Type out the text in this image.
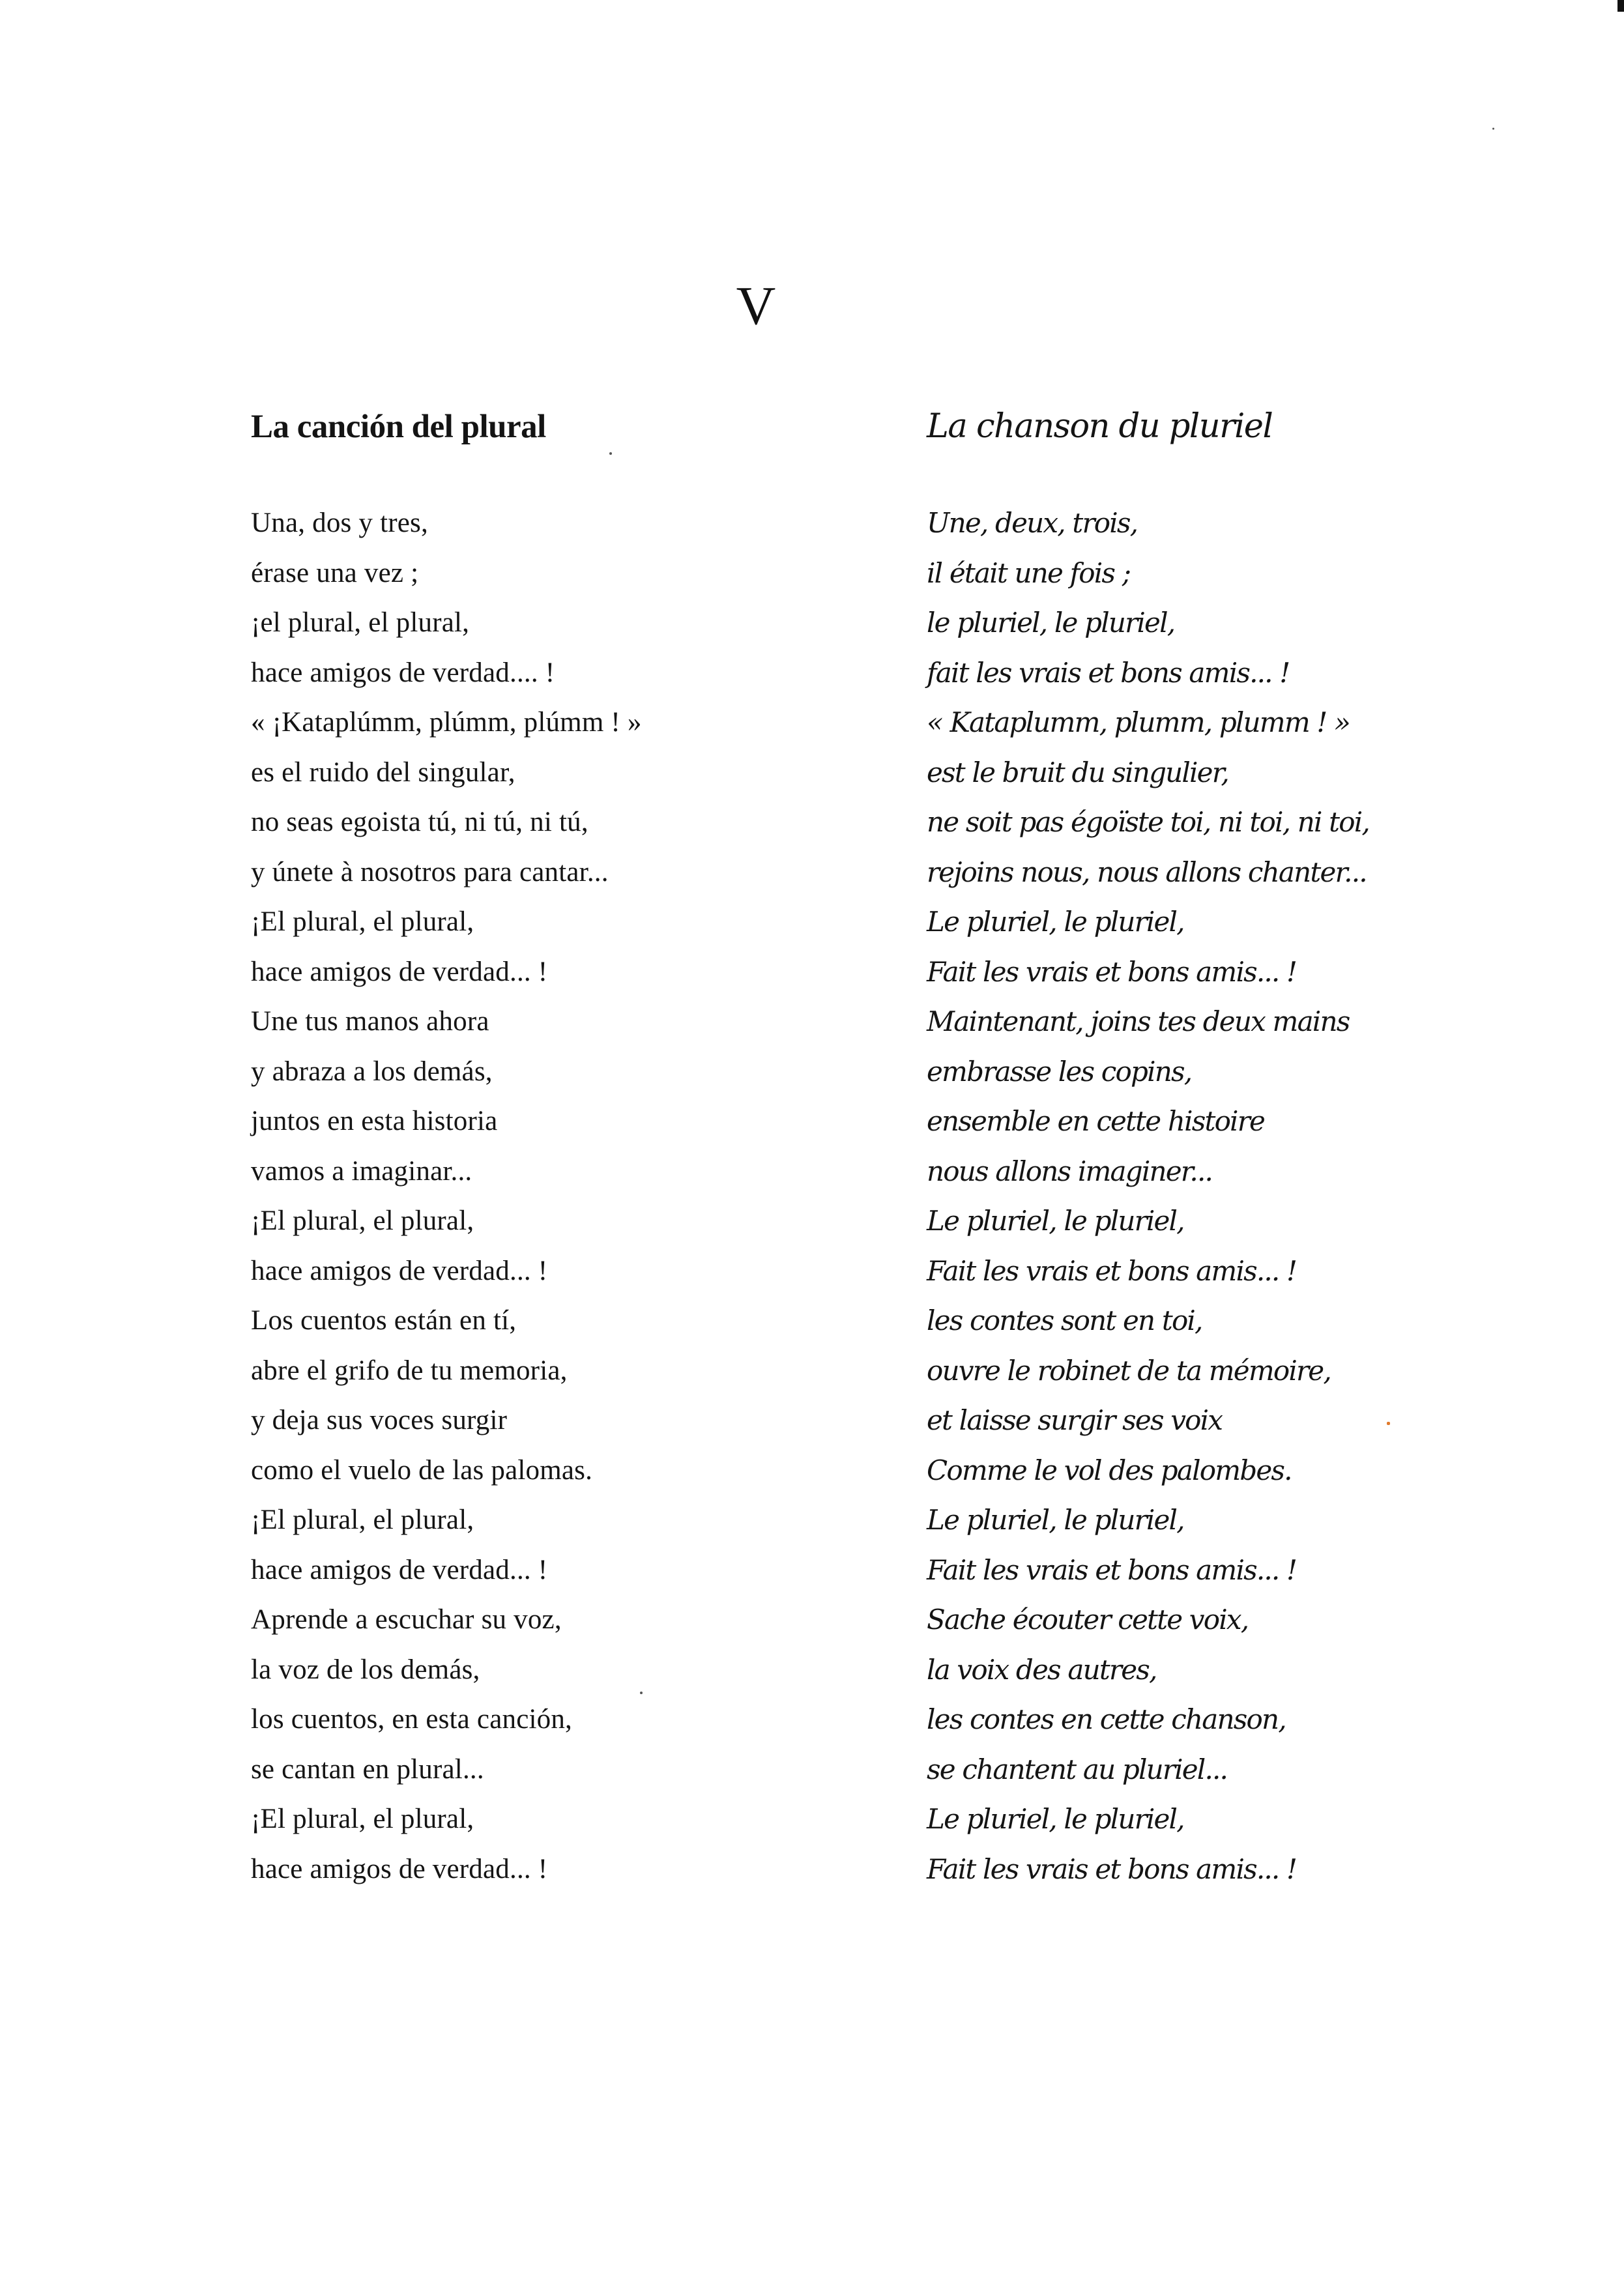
V
La canción del plural
Una, dos y tres,
érase una vez ;
¡el plural, el plural,
hace amigos de verdad.... !
« ¡Kataplúmm, plúmm, plúmm ! »
es el ruido del singular,
no seas egoista tú, ni tú, ni tú,
y únete à nosotros para cantar...
¡El plural, el plural,
hace amigos de verdad... !
Une tus manos ahora
y abraza a los demás,
juntos en esta historia
vamos a imaginar...
¡El plural, el plural,
hace amigos de verdad... !
Los cuentos están en tí,
abre el grifo de tu memoria,
y deja sus voces surgir
como el vuelo de las palomas.
¡El plural, el plural,
hace amigos de verdad... !
Aprende a escuchar su voz,
la voz de los demás,
los cuentos, en esta canción,
se cantan en plural...
¡El plural, el plural,
hace amigos de verdad... !
La chanson du pluriel
Une, deux, trois,
il était une fois ;
le pluriel, le pluriel,
fait les vrais et bons amis... !
« Kataplumm, plumm, plumm ! »
est le bruit du singulier,
ne soit pas égoïste toi, ni toi, ni toi,
rejoins nous, nous allons chanter...
Le pluriel, le pluriel,
Fait les vrais et bons amis... !
Maintenant, joins tes deux mains
embrasse les copins,
ensemble en cette histoire
nous allons imaginer...
Le pluriel, le pluriel,
Fait les vrais et bons amis... !
les contes sont en toi,
ouvre le robinet de ta mémoire,
et laisse surgir ses voix
Comme le vol des palombes.
Le pluriel, le pluriel,
Fait les vrais et bons amis... !
Sache écouter cette voix,
la voix des autres,
les contes en cette chanson,
se chantent au pluriel...
Le pluriel, le pluriel,
Fait les vrais et bons amis... !
